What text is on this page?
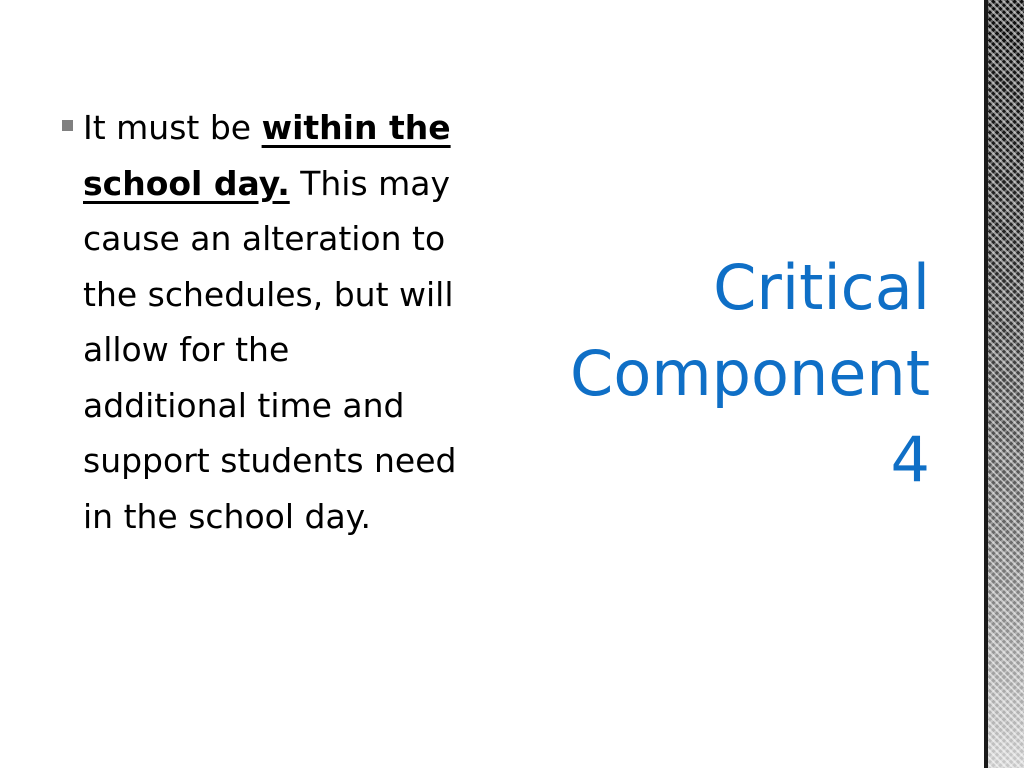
It must be within the school day. This may cause an alteration to the schedules, but will allow for the additional time and support students need in the school day.
Critical
Component
4
